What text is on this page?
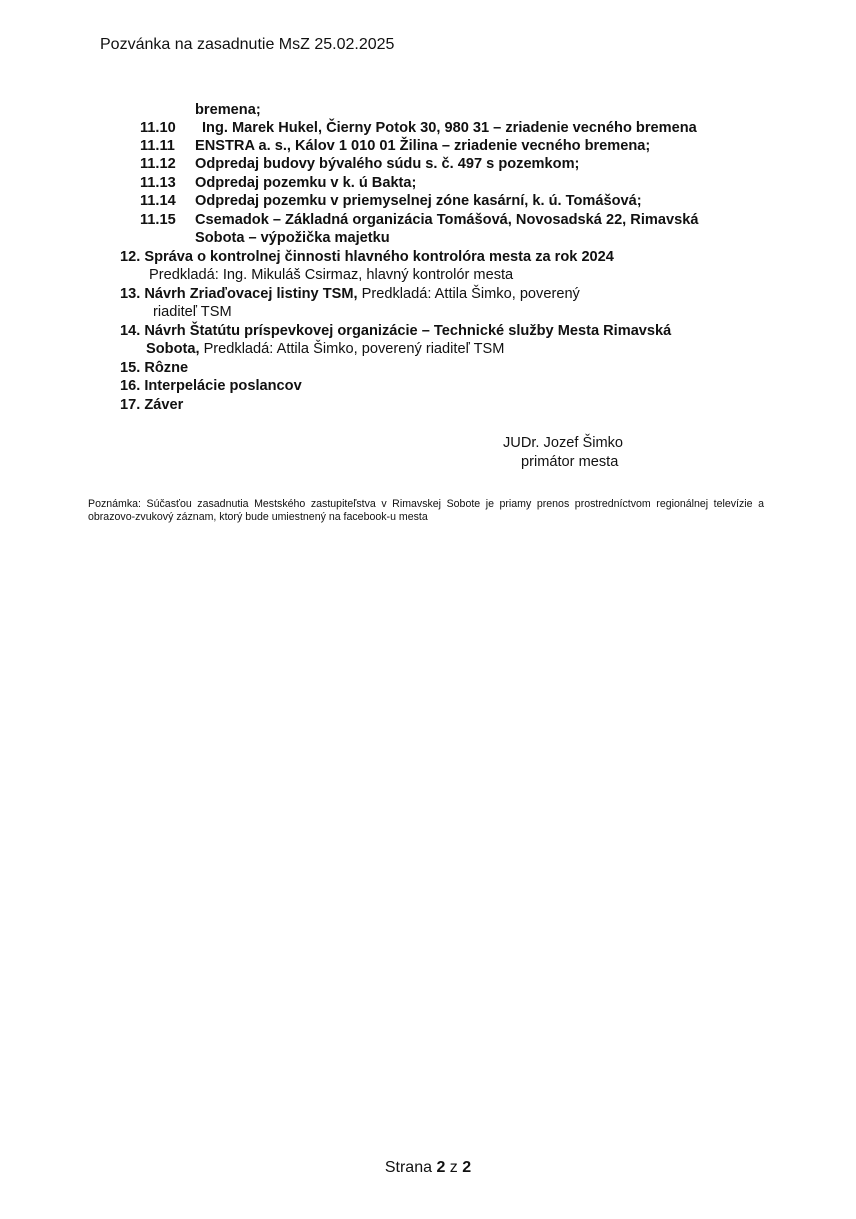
Pozvánka na zasadnutie MsZ 25.02.2025
bremena;
11.10 Ing. Marek Hukel, Čierny Potok 30, 980 31 – zriadenie vecného bremena
11.11 ENSTRA a. s., Kálov 1 010 01 Žilina – zriadenie vecného bremena;
11.12 Odpredaj budovy bývalého súdu s. č. 497 s pozemkom;
11.13 Odpredaj pozemku v k. ú Bakta;
11.14 Odpredaj pozemku v priemyselnej zóne kasární, k. ú. Tomášová;
11.15 Csemadok – Základná organizácia Tomášová, Novosadská 22, Rimavská
Sobota – výpožička majetku
12. Správa o kontrolnej činnosti hlavného kontrolóra mesta za rok 2024
Predkladá: Ing. Mikuláš Csirmaz, hlavný kontrolór mesta
13. Návrh Zriaďovacej listiny TSM, Predkladá: Attila Šimko, poverený
riaditeľ TSM
14. Návrh Štatútu príspevkovej organizácie – Technické služby Mesta Rimavská
Sobota, Predkladá: Attila Šimko, poverený riaditeľ TSM
15. Rôzne
16. Interpelácie poslancov
17. Záver
JUDr. Jozef Šimko
primátor mesta
Poznámka: Súčasťou zasadnutia Mestského zastupiteľstva v Rimavskej Sobote je priamy prenos prostredníctvom regionálnej televízie a obrazovo-zvukový záznam, ktorý bude umiestnený na facebook-u mesta
Strana 2 z 2
